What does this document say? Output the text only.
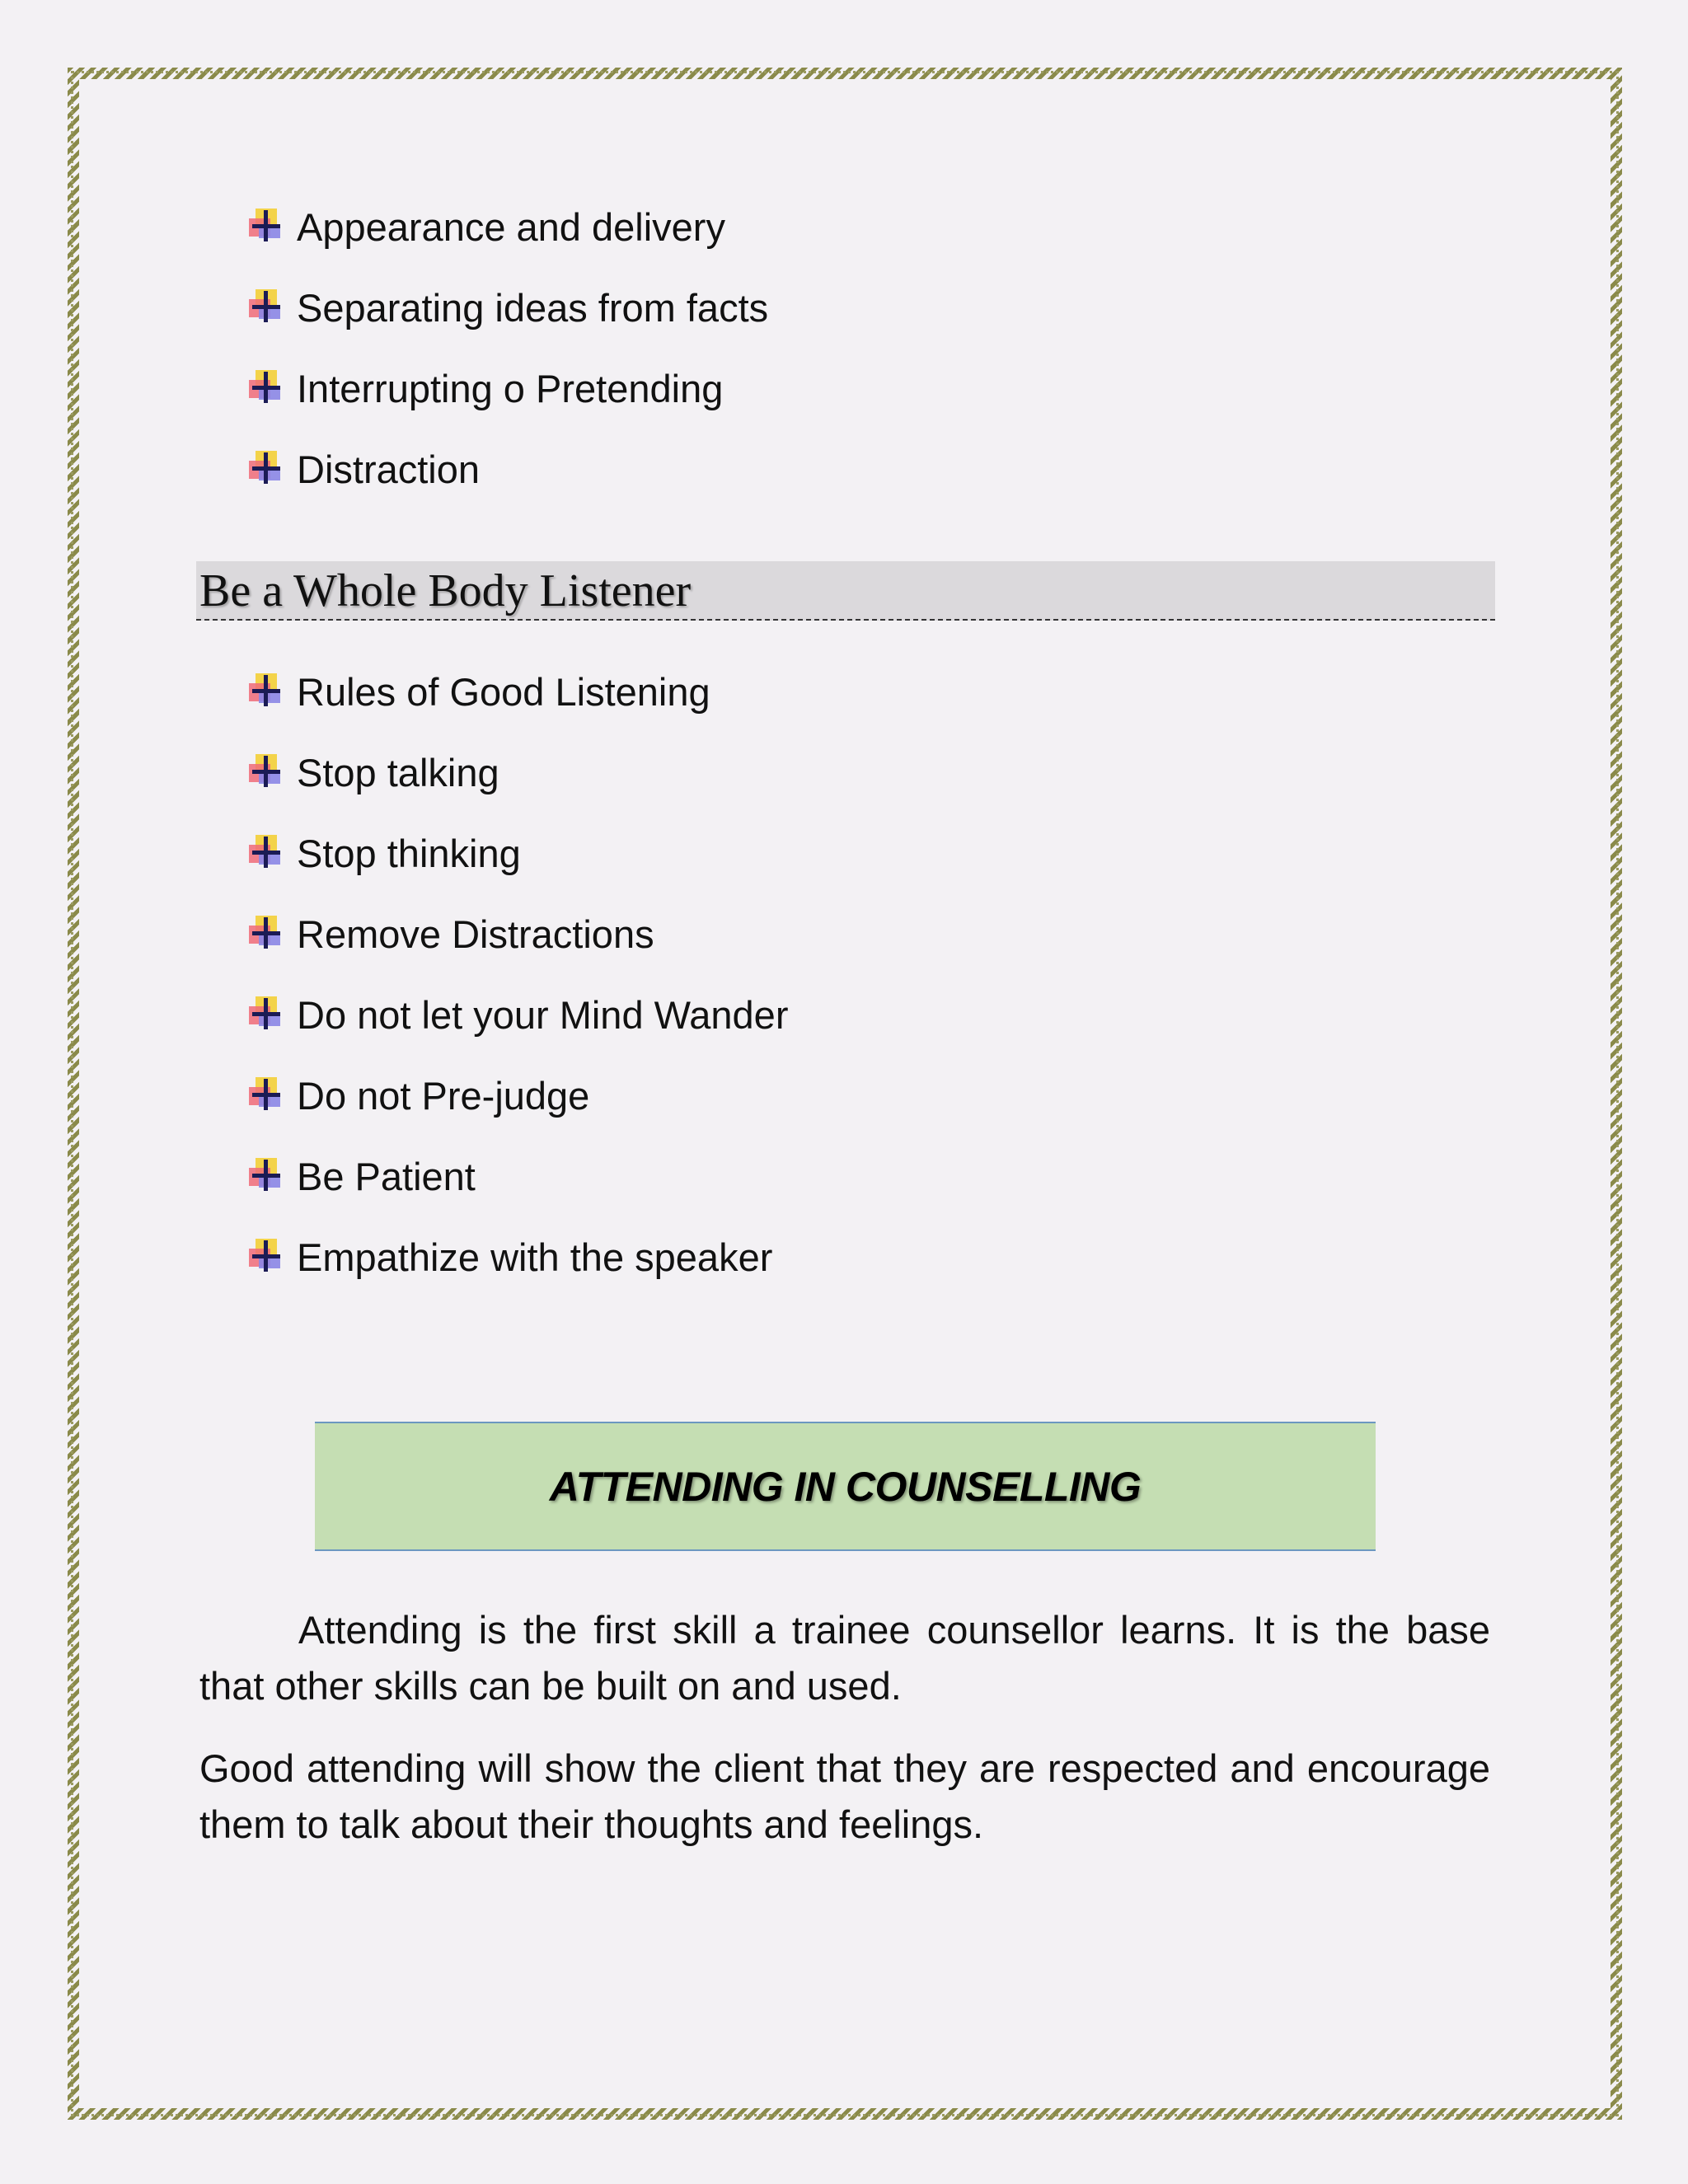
Appearance and delivery
Separating ideas from facts
Interrupting o Pretending
Distraction
Be a Whole Body Listener
Rules of Good Listening
Stop talking
Stop thinking
Remove Distractions
Do not let your Mind Wander
Do not Pre-judge
Be Patient
Empathize with the speaker
ATTENDING IN COUNSELLING

Attending is the first skill a trainee counsellor learns. It is the base that other skills can be built on and used.

Good attending will show the client that they are respected and encourage them to talk about their thoughts and feelings.
